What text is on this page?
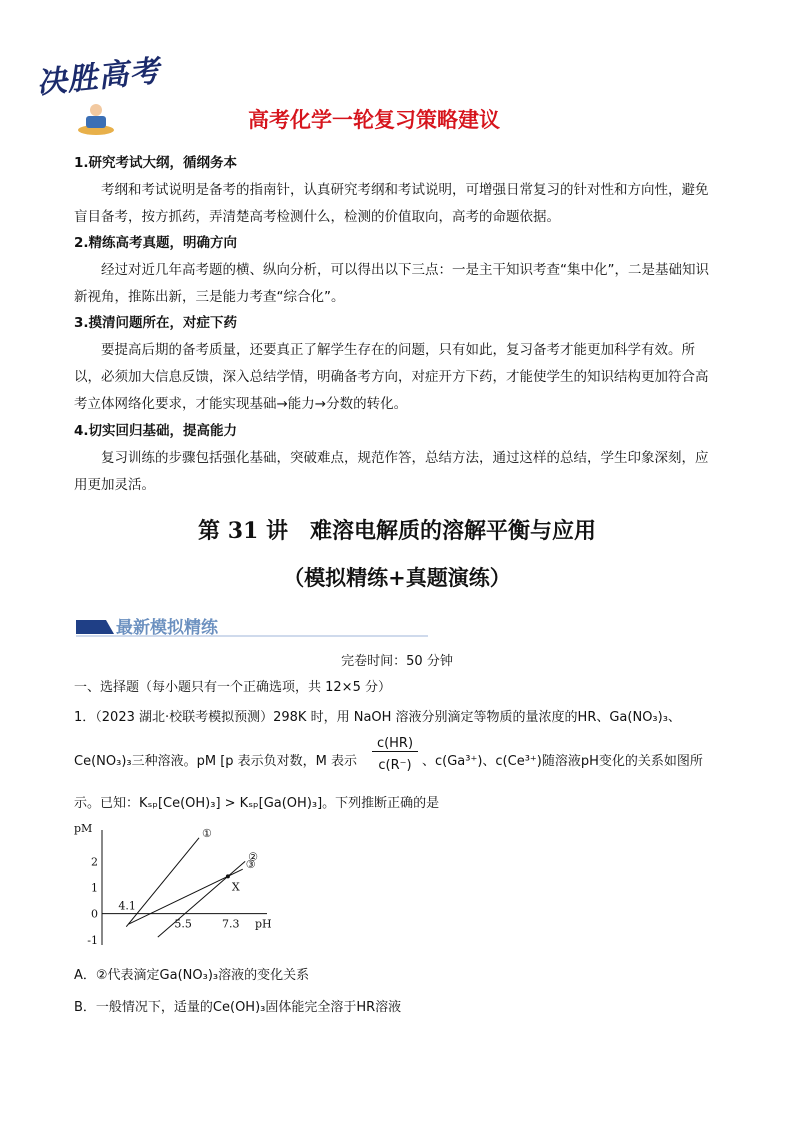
决胜高考
高考化学一轮复习策略建议
1.研究考试大纲，循纲务本
考纲和考试说明是备考的指南针，认真研究考纲和考试说明，可增强日常复习的针对性和方向性，避免盲目备考，按方抓药，弄清楚高考检测什么，检测的价值取向，高考的命题依据。
2.精练高考真题，明确方向
经过对近几年高考题的横、纵向分析，可以得出以下三点：一是主干知识考查“集中化”，二是基础知识新视角，推陈出新，三是能力考查“综合化”。
3.摸清问题所在，对症下药
要提高后期的备考质量，还要真正了解学生存在的问题，只有如此，复习备考才能更加科学有效。所以，必须加大信息反馈，深入总结学情，明确备考方向，对症开方下药，才能使学生的知识结构更加符合高考立体网络化要求，才能实现基础→能力→分数的转化。
4.切实回归基础，提高能力
复习训练的步骤包括强化基础，突破难点，规范作答，总结方法，通过这样的总结，学生印象深刻，应用更加灵活。
第 31 讲　难溶电解质的溶解平衡与应用
（模拟精练+真题演练）
最新模拟精练
完卷时间：50 分钟
一、选择题（每小题只有一个正确选项，共 12×5 分）
1．（2023 湖北·校联考模拟预测）298K 时，用 NaOH 溶液分别滴定等物质的量浓度的HR、Ga(NO₃)₃、
Ce(NO₃)₃三种溶液。pM [p 表示负对数，M 表示
c(HR)
c(R⁻) 、c(Ga³⁺)、c(Ce³⁺)随溶液pH变化的关系如图所
示。已知：Kₛₚ[Ce(OH)₃] > Kₛₚ[Ga(OH)₃]。下列推断正确的是
pM
pH
2
1
0
-1
4.1
5.5	7.3
①
②
③
X
A．②代表滴定Ga(NO₃)₃溶液的变化关系
B．一般情况下，适量的Ce(OH)₃固体能完全溶于HR溶液
